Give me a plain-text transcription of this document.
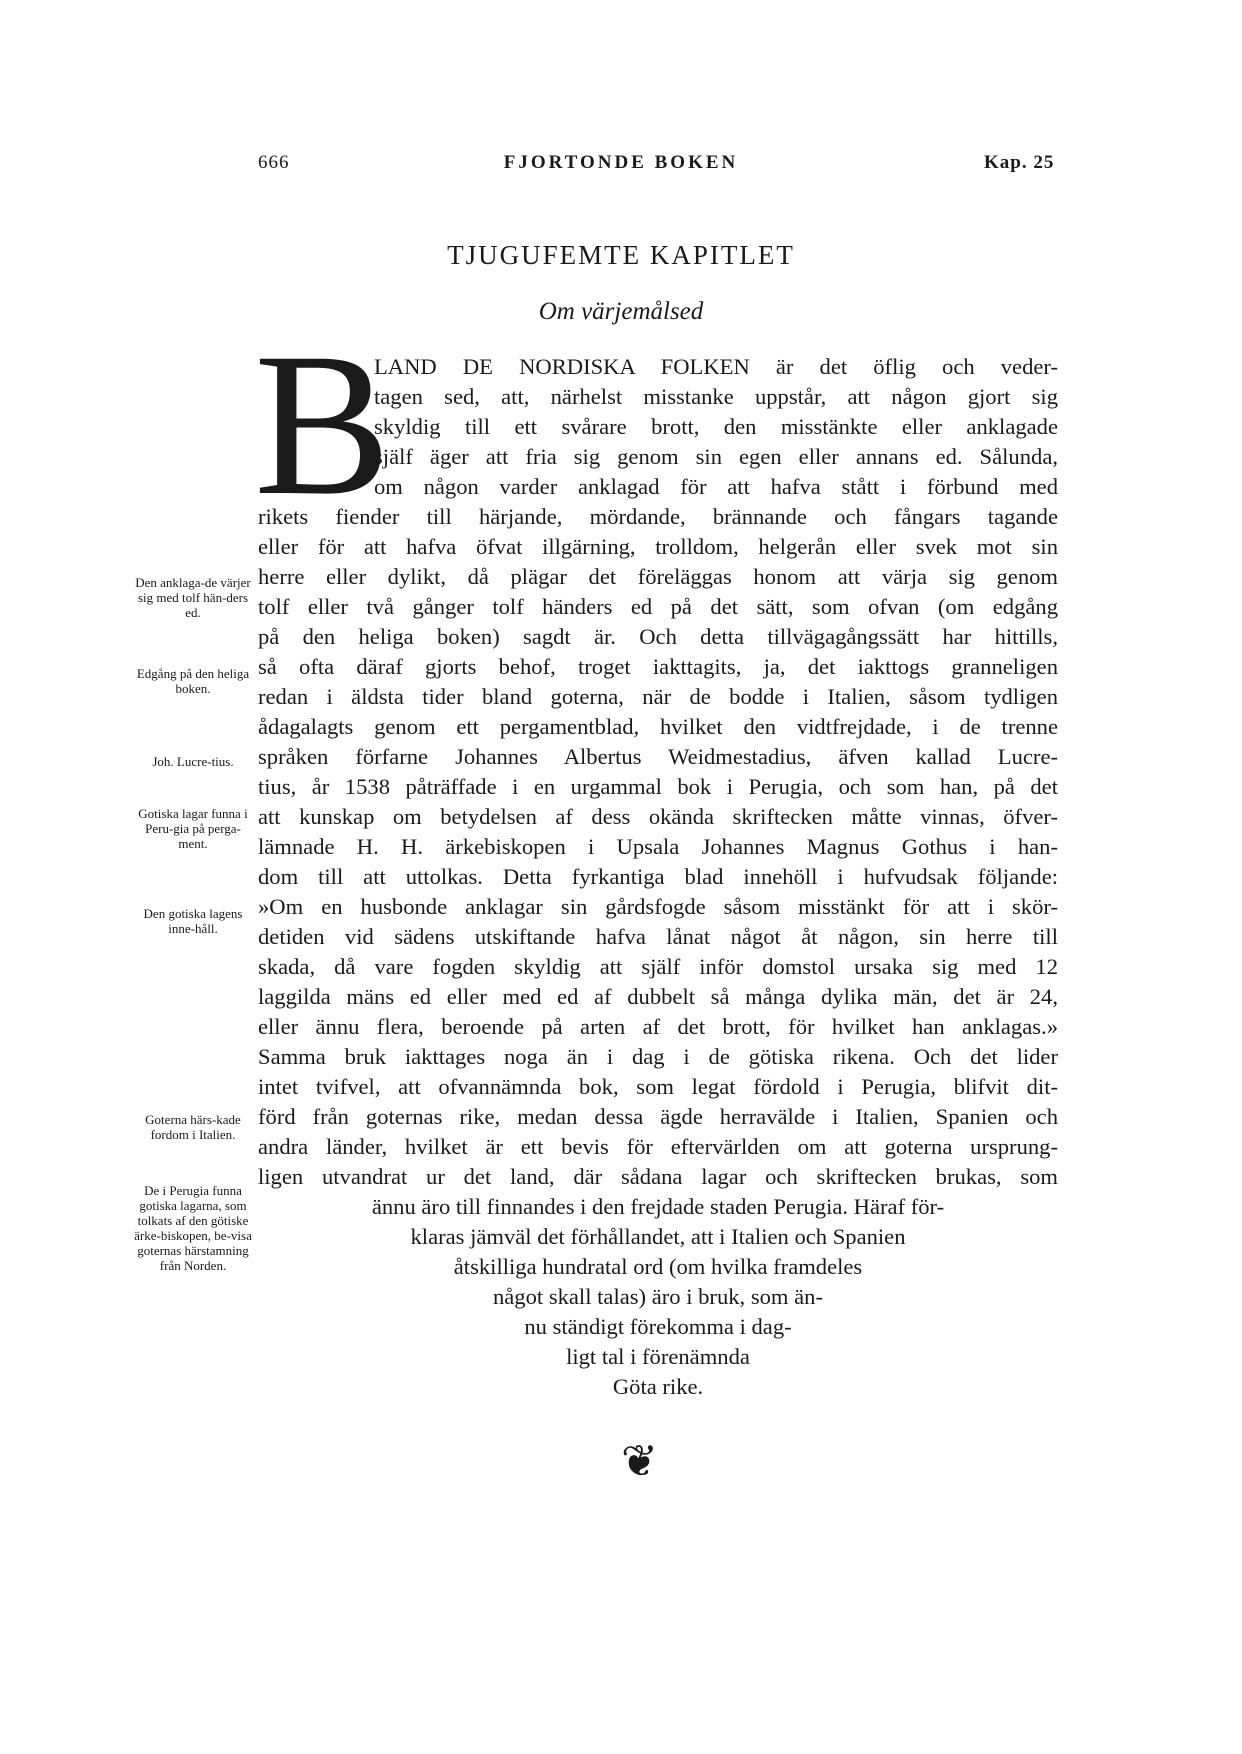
666	FJORTONDE BOKEN	Kap. 25
TJUGUFEMTE KAPITLET
Om värjemålsed
B
LAND DE NORDISKA FOLKEN är det öflig och veder-
tagen sed, att, närhelst misstanke uppstår, att någon gjort sig
skyldig till ett svårare brott, den misstänkte eller anklagade
själf äger att fria sig genom sin egen eller annans ed. Sålunda,
om någon varder anklagad för att hafva stått i förbund med
rikets fiender till härjande, mördande, brännande och fångars tagande
eller för att hafva öfvat illgärning, trolldom, helgerån eller svek mot sin
herre eller dylikt, då plägar det föreläggas honom att värja sig genom
tolf eller två gånger tolf händers ed på det sätt, som ofvan (om edgång
på den heliga boken) sagdt är. Och detta tillvägagångssätt har hittills,
så ofta däraf gjorts behof, troget iakttagits, ja, det iakttogs granneligen
redan i äldsta tider bland goterna, när de bodde i Italien, såsom tydligen
ådagalagts genom ett pergamentblad, hvilket den vidtfrejdade, i de trenne
språken förfarne Johannes Albertus Weidmestadius, äfven kallad Lucre-
tius, år 1538 påträffade i en urgammal bok i Perugia, och som han, på det
att kunskap om betydelsen af dess okända skriftecken måtte vinnas, öfver-
lämnade H. H. ärkebiskopen i Upsala Johannes Magnus Gothus i han-
dom till att uttolkas. Detta fyrkantiga blad innehöll i hufvudsak följande:
»Om en husbonde anklagar sin gårdsfogde såsom misstänkt för att i skör-
detiden vid sädens utskiftande hafva lånat något åt någon, sin herre till
skada, då vare fogden skyldig att själf inför domstol ursaka sig med 12
laggilda mäns ed eller med ed af dubbelt så många dylika män, det är 24,
eller ännu flera, beroende på arten af det brott, för hvilket han anklagas.»
Samma bruk iakttages noga än i dag i de götiska rikena. Och det lider
intet tvifvel, att ofvannämnda bok, som legat fördold i Perugia, blifvit dit-
förd från goternas rike, medan dessa ägde herravälde i Italien, Spanien och
andra länder, hvilket är ett bevis för eftervärlden om att goterna ursprung-
ligen utvandrat ur det land, där sådana lagar och skriftecken brukas, som
ännu äro till finnandes i den frejdade staden Perugia. Häraf för-
klaras jämväl det förhållandet, att i Italien och Spanien
åtskilliga hundratal ord (om hvilka framdeles
något skall talas) äro i bruk, som än-
nu ständigt förekomma i dag-
ligt tal i förenämnda
Göta rike.
Den anklaga-de värjer sig med tolf hän-ders ed.
Edgång på den heliga boken.
Joh. Lucre-tius.
Gotiska lagar funna i Peru-gia på perga-ment.
Den gotiska lagens inne-håll.
Goterna härs-kade fordom i Italien.
De i Perugia funna gotiska lagarna, som tolkats af den götiske ärke-biskopen, be-visa goternas härstamning från Norden.
❦
